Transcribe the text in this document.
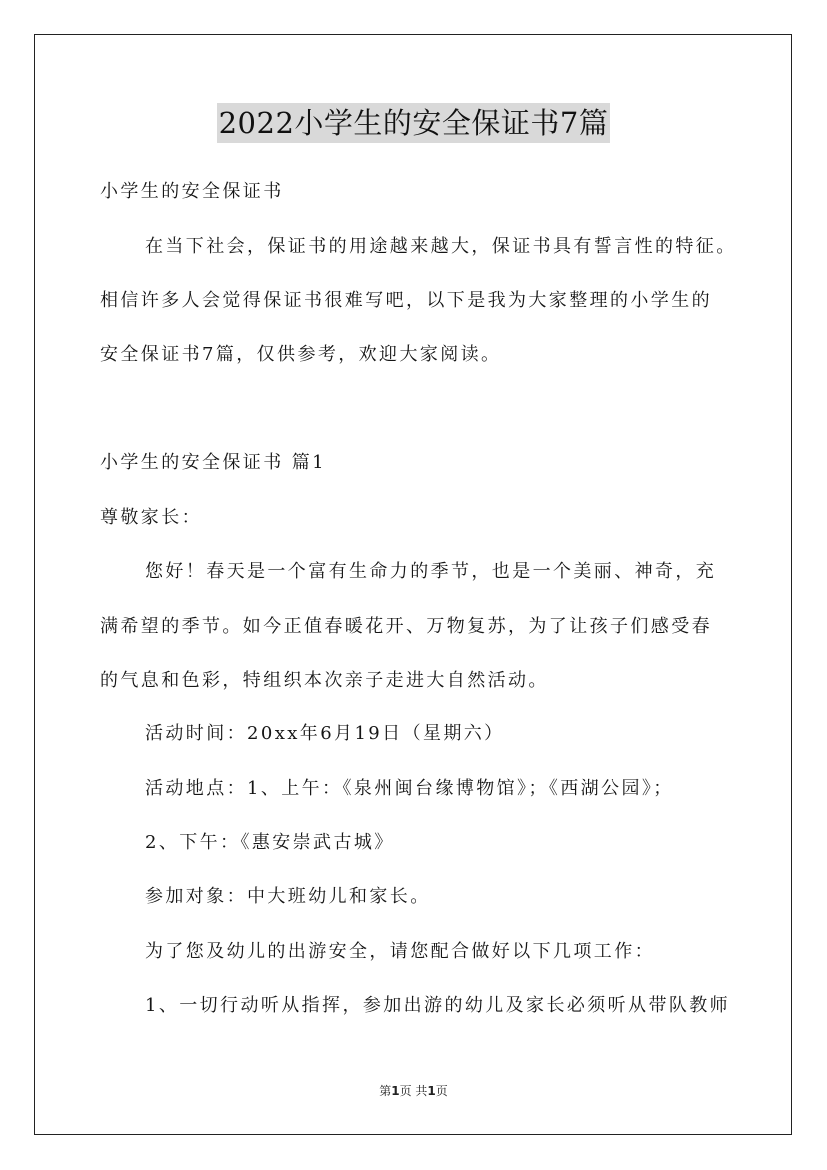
2022小学生的安全保证书7篇
小学生的安全保证书
在当下社会，保证书的用途越来越大，保证书具有誓言性的特征。
相信许多人会觉得保证书很难写吧，以下是我为大家整理的小学生的
安全保证书7篇，仅供参考，欢迎大家阅读。
小学生的安全保证书 篇1
尊敬家长：
您好！春天是一个富有生命力的季节，也是一个美丽、神奇，充
满希望的季节。如今正值春暖花开、万物复苏，为了让孩子们感受春
的气息和色彩，特组织本次亲子走进大自然活动。
活动时间：20xx年6月19日（星期六）
活动地点：1、上午：《泉州闽台缘博物馆》；《西湖公园》；
2、下午：《惠安崇武古城》
参加对象：中大班幼儿和家长。
为了您及幼儿的出游安全，请您配合做好以下几项工作：
1、一切行动听从指挥，参加出游的幼儿及家长必须听从带队教师
第1页 共1页
